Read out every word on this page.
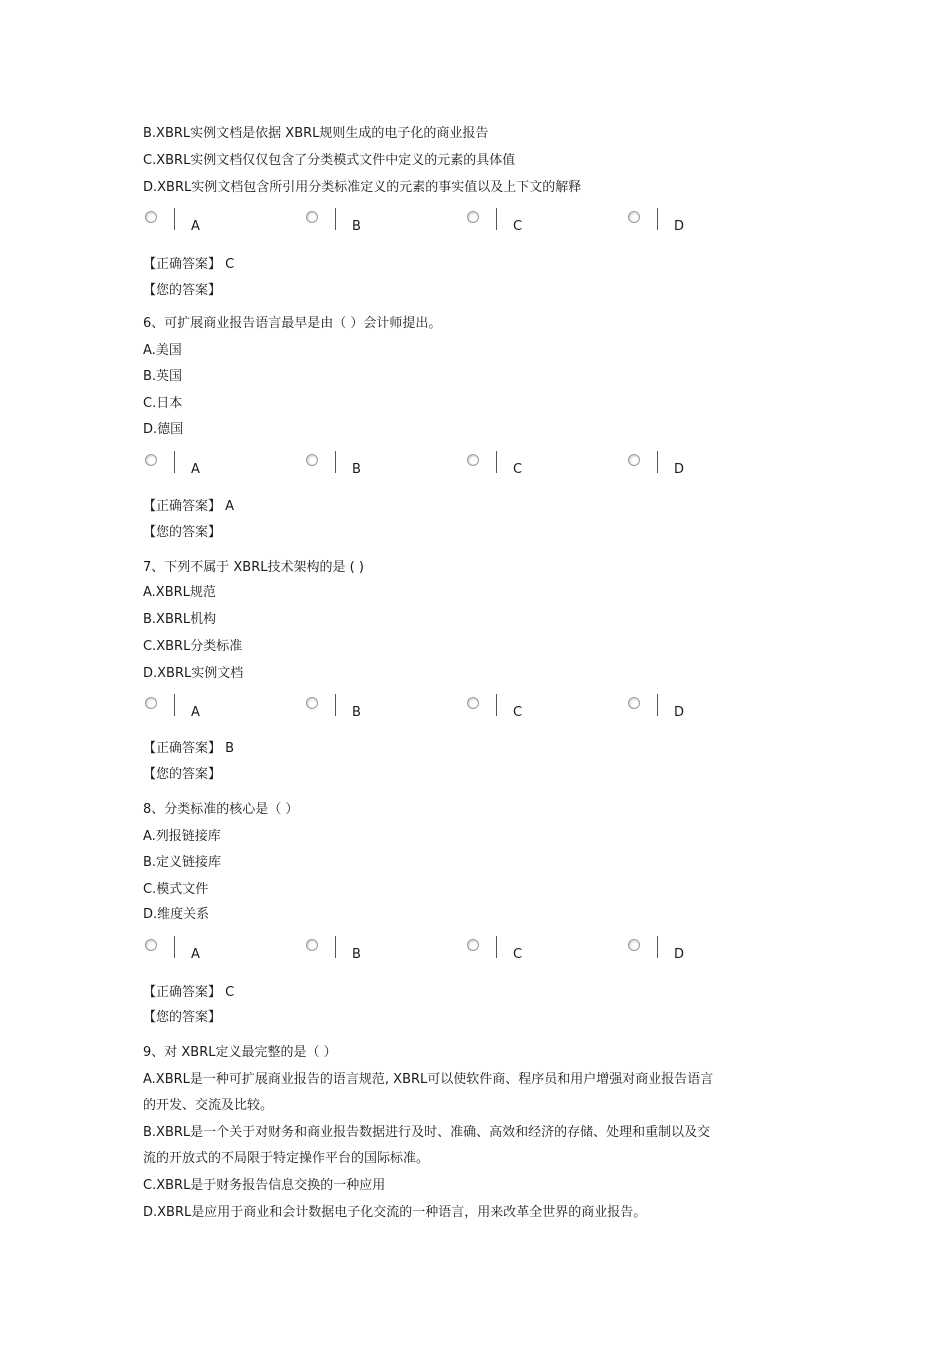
B.XBRL实例文档是依据 XBRL规则生成的电子化的商业报告
C.XBRL实例文档仅仅包含了分类模式文件中定义的元素的具体值
D.XBRL实例文档包含所引用分类标准定义的元素的事实值以及上下文的解释
A	B	C	D
【正确答案】 C
【您的答案】
6、可扩展商业报告语言最早是由（ ）会计师提出。
A.美国
B.英国
C.日本
D.德国
A	B	C	D
【正确答案】 A
【您的答案】
7、下列不属于 XBRL技术架构的是 ( )
A.XBRL规范
B.XBRL机构
C.XBRL分类标准
D.XBRL实例文档
A	B	C	D
【正确答案】 B
【您的答案】
8、分类标准的核心是（ ）
A.列报链接库
B.定义链接库
C.模式文件
D.维度关系
A	B	C	D
【正确答案】 C
【您的答案】
9、对 XBRL定义最完整的是（ ）
A.XBRL是一种可扩展商业报告的语言规范, XBRL可以使软件商、程序员和用户增强对商业报告语言
的开发、交流及比较。
B.XBRL是一个关于对财务和商业报告数据进行及时、准确、高效和经济的存储、处理和重制以及交
流的开放式的不局限于特定操作平台的国际标准。
C.XBRL是于财务报告信息交换的一种应用
D.XBRL是应用于商业和会计数据电子化交流的一种语言，用来改革全世界的商业报告。
